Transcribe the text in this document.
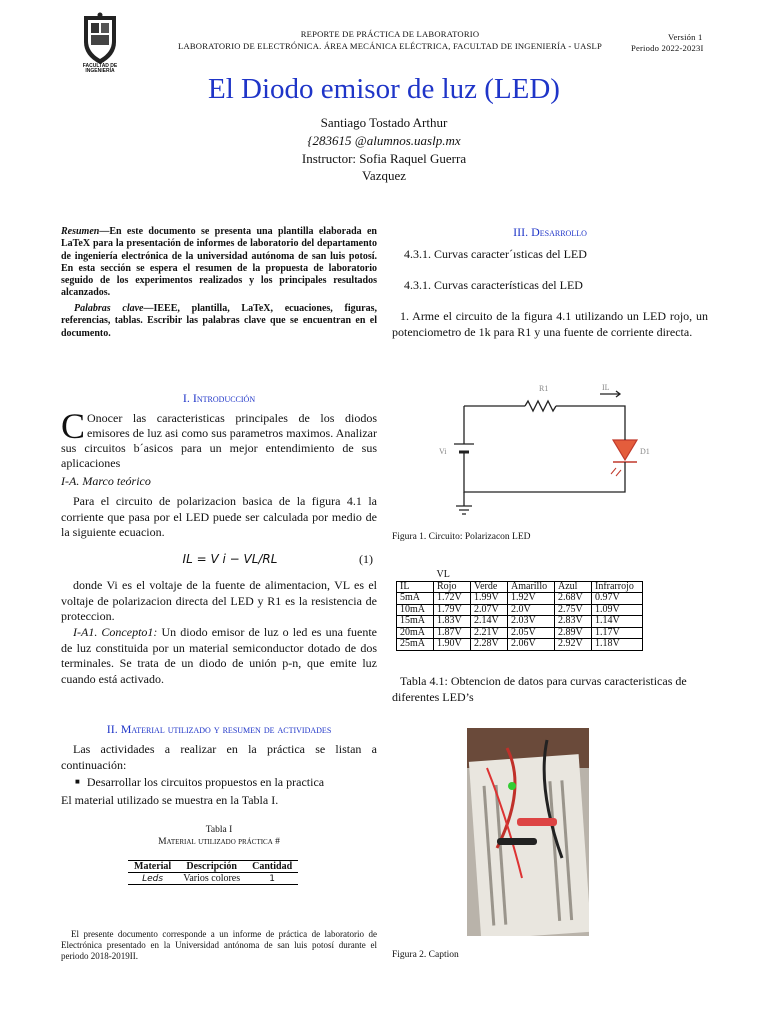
FACULTAD DE
INGENIERÍA
REPORTE DE PRÁCTICA DE LABORATORIO
LABORATORIO DE ELECTRÓNICA. ÁREA MECÁNICA ELÉCTRICA, FACULTAD DE INGENIERÍA - UASLP
Versión 1
Periodo 2022-2023I
El Diodo emisor de luz (LED)
Santiago Tostado Arthur
{283615 @alumnos.uaslp.mx
Instructor: Sofia Raquel Guerra
Vazquez
Resumen—En este documento se presenta una plantilla elaborada en LaTeX para la presentación de informes de laboratorio del departamento de ingeniería electrónica de la universidad autónoma de san luis potosí. En esta sección se espera el resumen de la propuesta de laboratorio seguido de los experimentos realizados y los principales resultados alcanzados.
Palabras clave—IEEE, plantilla, LaTeX, ecuaciones, figuras, referencias, tablas. Escribir las palabras clave que se encuentran en el documento.
I. Introducción
C Onocer las caracteristicas principales de los diodos emisores de luz asi como sus parametros maximos. Analizar sus circuitos b´asicos para un mejor entendimiento de sus aplicaciones
I-A. Marco teórico
Para el circuito de polarizacion basica de la figura 4.1 la corriente que pasa por el LED puede ser calculada por medio de la siguiente ecuacion.
IL = V i − VL/RL	(1)
donde Vi es el voltaje de la fuente de alimentacion, VL es el voltaje de polarizacion directa del LED y R1 es la resistencia de proteccion.
I-A1. Concepto1: Un diodo emisor de luz o led es una fuente de luz constituida por un material semiconductor dotado de dos terminales. Se trata de un diodo de unión p-n, que emite luz cuando está activado.
II. Material utilizado y resumen de actividades
Las actividades a realizar en la práctica se listan a continuación:
■ Desarrollar los circuitos propuestos en la practica
El material utilizado se muestra en la Tabla I.
Tabla I
Material utilizado práctica #
Material	Descripción	Cantidad
Leds	Varios colores	1
El presente documento corresponde a un informe de práctica de laboratorio de Electrónica presentado en la Universidad antónoma de san luis potosí durante el periodo 2018-2019II.
III. Desarrollo
4.3.1. Curvas caracter´ısticas del LED
4.3.1. Curvas características del LED
1. Arme el circuito de la figura 4.1 utilizando un LED rojo, un potenciometro de 1k para R1 y una fuente de corriente directa.
R1	IL
Vi	D1
Figura 1. Circuito: Polarizacon LED
	VL				
IL	Rojo	Verde	Amarillo	Azul	Infrarrojo
5mA	1.72V	1.99V	1.92V	2.68V	0.97V
10mA	1.79V	2.07V	2.0V	2.75V	1.09V
15mA	1.83V	2.14V	2.03V	2.83V	1.14V
20mA	1.87V	2.21V	2.05V	2.89V	1.17V
25mA	1.90V	2.28V	2.06V	2.92V	1.18V
Tabla 4.1: Obtencion de datos para curvas caracteristicas de diferentes LED’s
Figura 2. Caption
